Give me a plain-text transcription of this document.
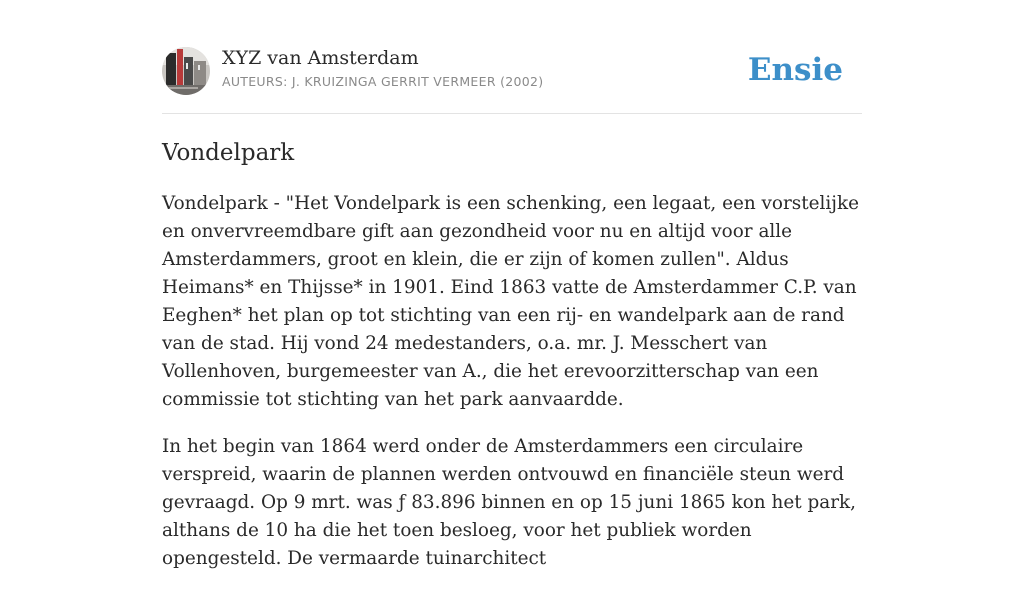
XYZ van Amsterdam
AUTEURS: J. KRUIZINGA GERRIT VERMEER (2002)	Ensie
Vondelpark

Vondelpark - "Het Vondelpark is een schenking, een legaat, een vorstelijke en onvervreemdbare gift aan gezondheid voor nu en altijd voor alle Amsterdammers, groot en klein, die er zijn of komen zullen". Aldus Heimans* en Thijsse* in 1901. Eind 1863 vatte de Amsterdammer C.P. van Eeghen* het plan op tot stichting van een rij- en wandelpark aan de rand van de stad. Hij vond 24 medestanders, o.a. mr. J. Messchert van Vollenhoven, burgemeester van A., die het erevoorzitterschap van een commissie tot stichting van het park aanvaardde.

In het begin van 1864 werd onder de Amsterdammers een circulaire verspreid, waarin de plannen werden ontvouwd en financiële steun werd gevraagd. Op 9 mrt. was ƒ 83.896 binnen en op 15 juni 1865 kon het park, althans de 10 ha die het toen besloeg, voor het publiek worden opengesteld. De vermaarde tuinarchitect
